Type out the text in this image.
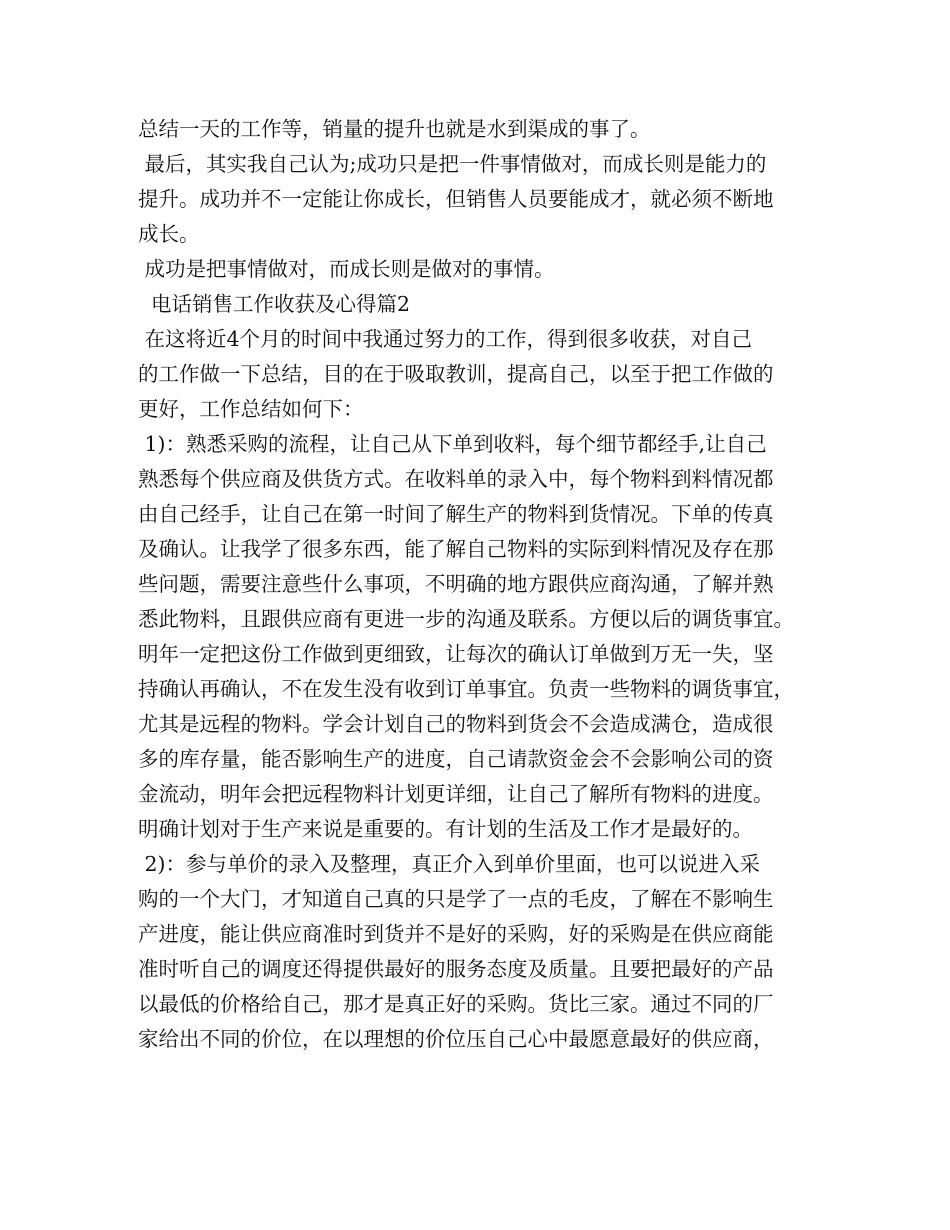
总结一天的工作等，销量的提升也就是水到渠成的事了。
最后，其实我自己认为;成功只是把一件事情做对，而成长则是能力的
提升。成功并不一定能让你成长，但销售人员要能成才，就必须不断地
成长。
成功是把事情做对，而成长则是做对的事情。
电话销售工作收获及心得篇2
在这将近4个月的时间中我通过努力的工作，得到很多收获，对自己
的工作做一下总结，目的在于吸取教训，提高自己，以至于把工作做的
更好，工作总结如何下：
1)：熟悉采购的流程，让自己从下单到收料，每个细节都经手,让自己
熟悉每个供应商及供货方式。在收料单的录入中，每个物料到料情况都
由自己经手，让自己在第一时间了解生产的物料到货情况。下单的传真
及确认。让我学了很多东西，能了解自己物料的实际到料情况及存在那
些问题，需要注意些什么事项，不明确的地方跟供应商沟通，了解并熟
悉此物料，且跟供应商有更进一步的沟通及联系。方便以后的调货事宜。
明年一定把这份工作做到更细致，让每次的确认订单做到万无一失，坚
持确认再确认，不在发生没有收到订单事宜。负责一些物料的调货事宜，
尤其是远程的物料。学会计划自己的物料到货会不会造成满仓，造成很
多的库存量，能否影响生产的进度，自己请款资金会不会影响公司的资
金流动，明年会把远程物料计划更详细，让自己了解所有物料的进度。
明确计划对于生产来说是重要的。有计划的生活及工作才是最好的。
2)：参与单价的录入及整理，真正介入到单价里面，也可以说进入采
购的一个大门，才知道自己真的只是学了一点的毛皮，了解在不影响生
产进度，能让供应商准时到货并不是好的采购，好的采购是在供应商能
准时听自己的调度还得提供最好的服务态度及质量。且要把最好的产品
以最低的价格给自己，那才是真正好的采购。货比三家。通过不同的厂
家给出不同的价位，在以理想的价位压自己心中最愿意最好的供应商，
